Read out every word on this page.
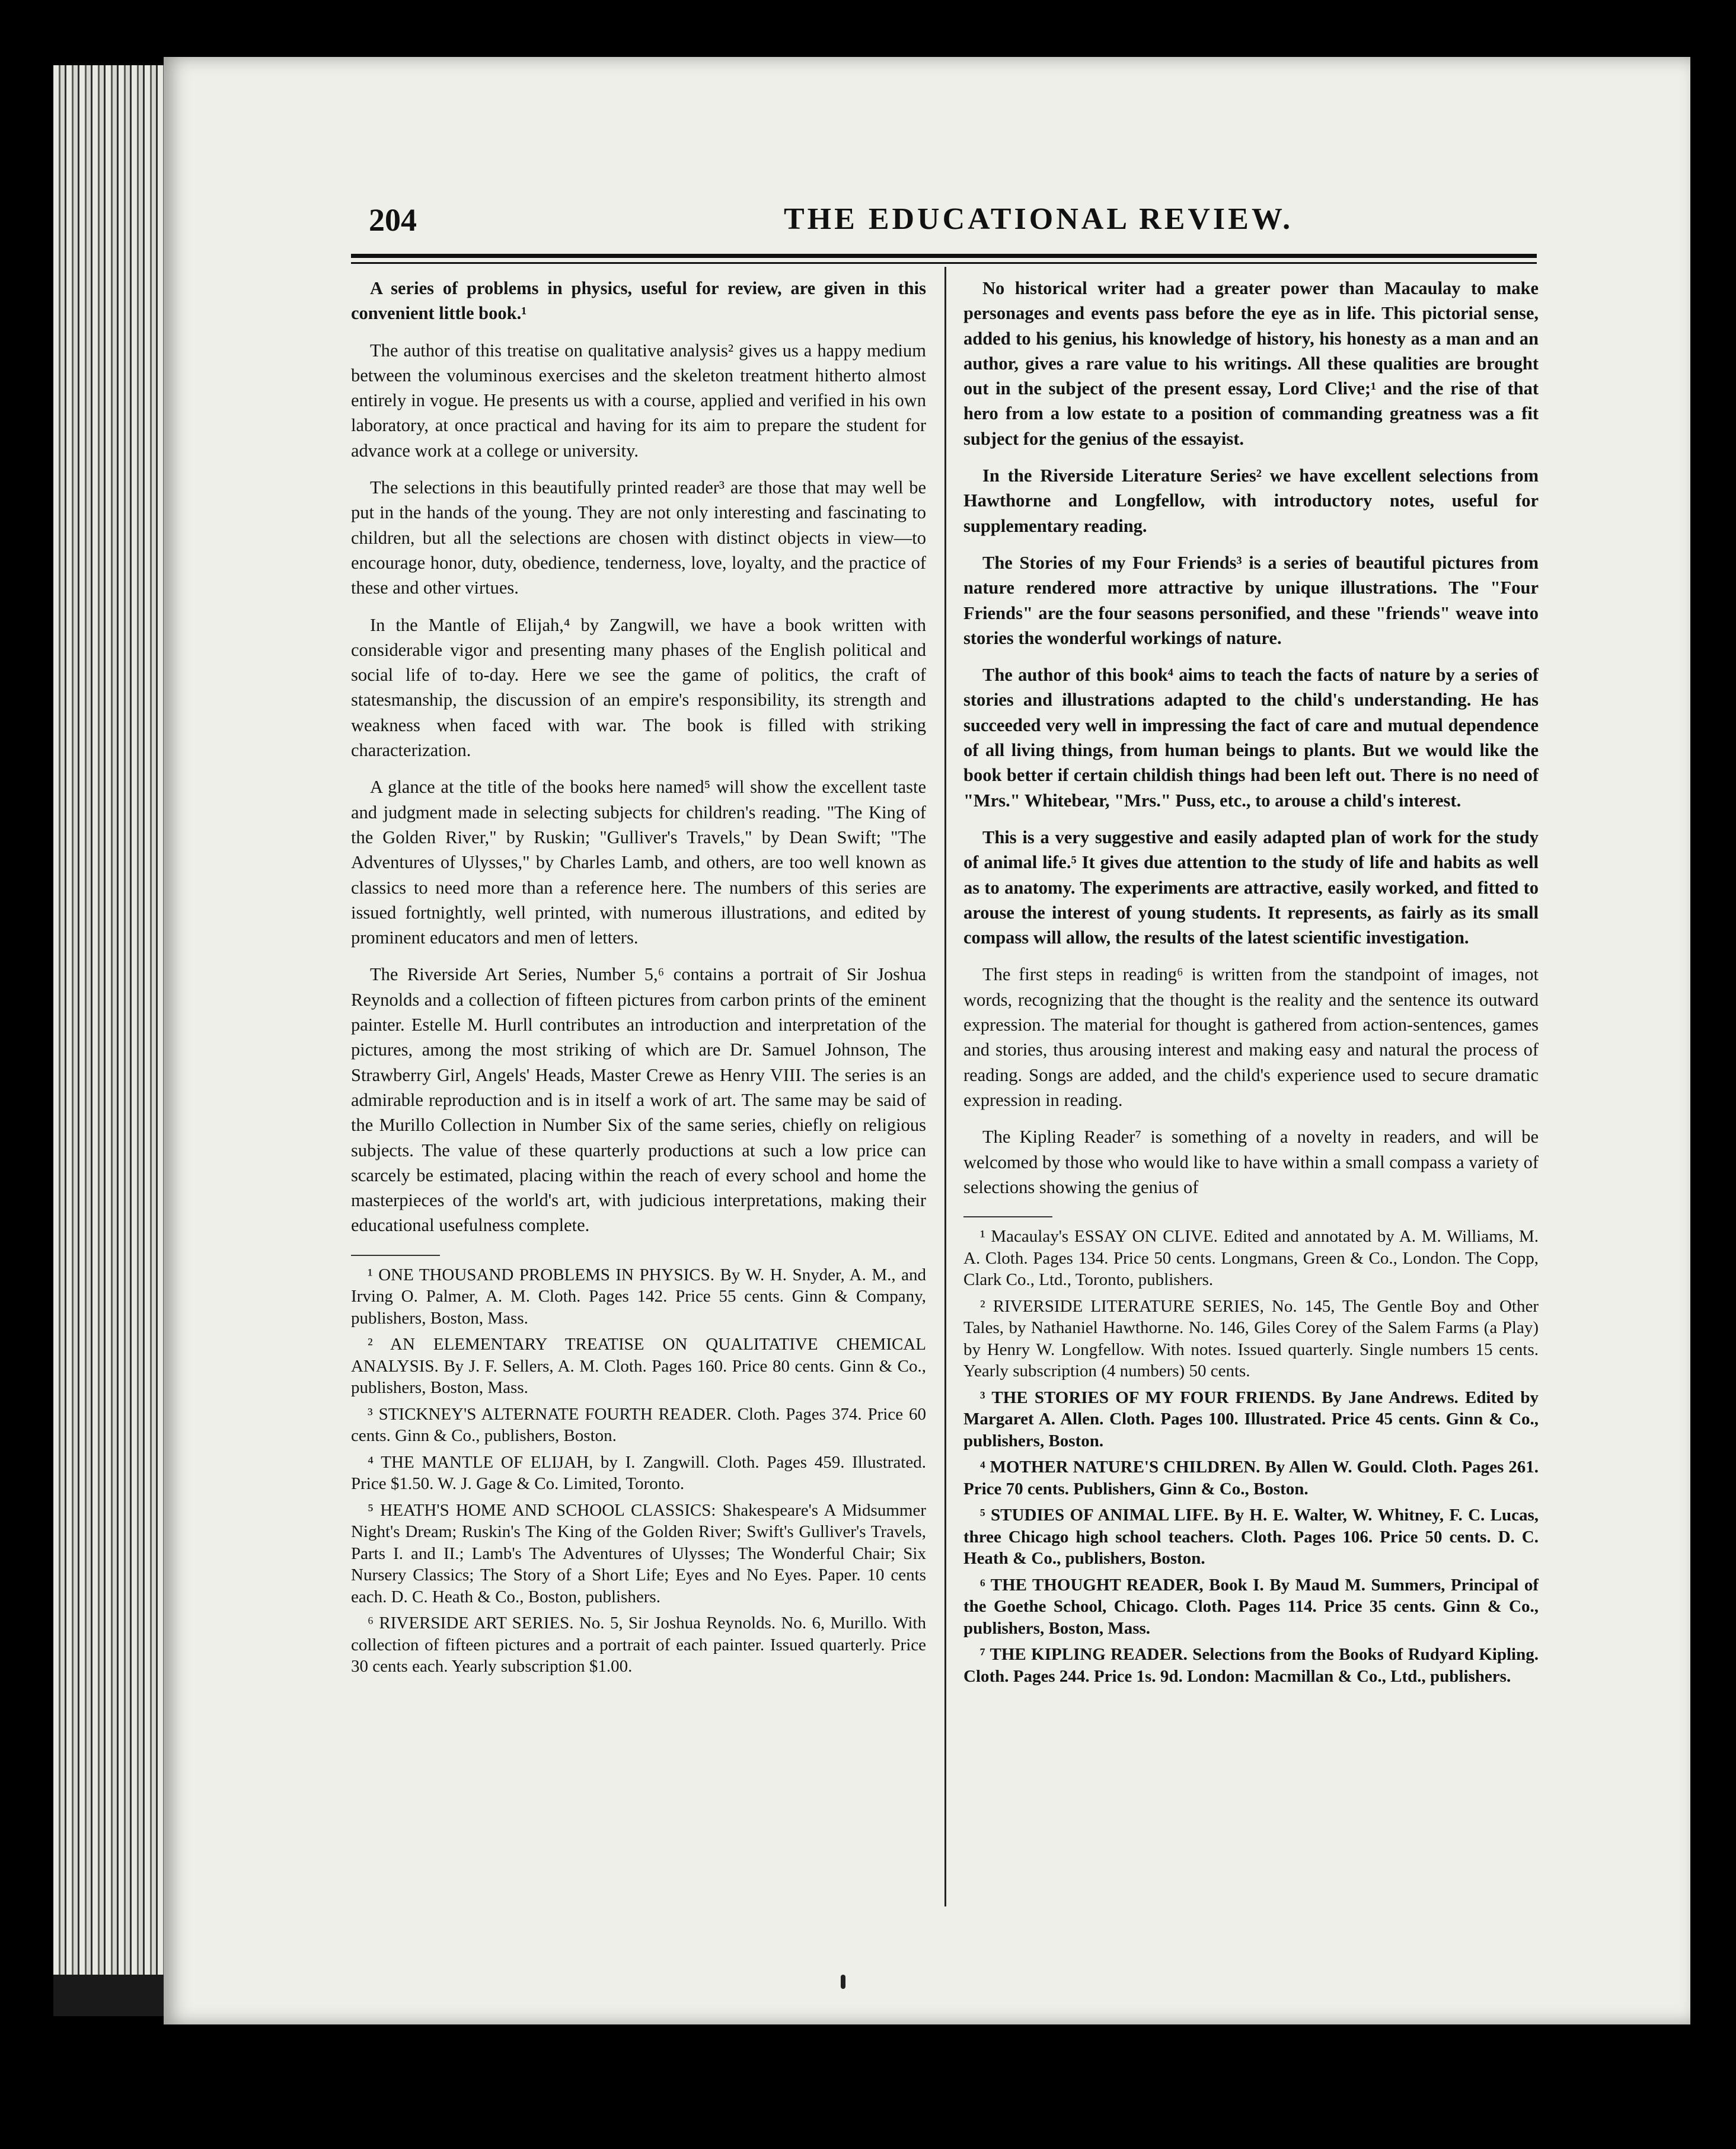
204	THE EDUCATIONAL REVIEW.

A series of problems in physics, useful for review, are given in this convenient little book.¹

The author of this treatise on qualitative analysis² gives us a happy medium between the voluminous exercises and the skeleton treatment hitherto almost entirely in vogue. He presents us with a course, applied and verified in his own laboratory, at once practical and having for its aim to prepare the student for advance work at a college or university.

The selections in this beautifully printed reader³ are those that may well be put in the hands of the young. They are not only interesting and fascinating to children, but all the selections are chosen with distinct objects in view—to encourage honor, duty, obedience, tenderness, love, loyalty, and the practice of these and other virtues.

In the Mantle of Elijah,⁴ by Zangwill, we have a book written with considerable vigor and presenting many phases of the English political and social life of to-day. Here we see the game of politics, the craft of statesmanship, the discussion of an empire's responsibility, its strength and weakness when faced with war. The book is filled with striking characterization.

A glance at the title of the books here named⁵ will show the excellent taste and judgment made in selecting subjects for children's reading. "The King of the Golden River," by Ruskin; "Gulliver's Travels," by Dean Swift; "The Adventures of Ulysses," by Charles Lamb, and others, are too well known as classics to need more than a reference here. The numbers of this series are issued fortnightly, well printed, with numerous illustrations, and edited by prominent educators and men of letters.

The Riverside Art Series, Number 5,⁶ contains a portrait of Sir Joshua Reynolds and a collection of fifteen pictures from carbon prints of the eminent painter. Estelle M. Hurll contributes an introduction and interpretation of the pictures, among the most striking of which are Dr. Samuel Johnson, The Strawberry Girl, Angels' Heads, Master Crewe as Henry VIII. The series is an admirable reproduction and is in itself a work of art. The same may be said of the Murillo Collection in Number Six of the same series, chiefly on religious subjects. The value of these quarterly productions at such a low price can scarcely be estimated, placing within the reach of every school and home the masterpieces of the world's art, with judicious interpretations, making their educational usefulness complete.

¹ ONE THOUSAND PROBLEMS IN PHYSICS. By W. H. Snyder, A. M., and Irving O. Palmer, A. M. Cloth. Pages 142. Price 55 cents. Ginn & Company, publishers, Boston, Mass.

² AN ELEMENTARY TREATISE ON QUALITATIVE CHEMICAL ANALYSIS. By J. F. Sellers, A. M. Cloth. Pages 160. Price 80 cents. Ginn & Co., publishers, Boston, Mass.

³ STICKNEY'S ALTERNATE FOURTH READER. Cloth. Pages 374. Price 60 cents. Ginn & Co., publishers, Boston.

⁴ THE MANTLE OF ELIJAH, by I. Zangwill. Cloth. Pages 459. Illustrated. Price $1.50. W. J. Gage & Co. Limited, Toronto.

⁵ HEATH'S HOME AND SCHOOL CLASSICS: Shakespeare's A Midsummer Night's Dream; Ruskin's The King of the Golden River; Swift's Gulliver's Travels, Parts I. and II.; Lamb's The Adventures of Ulysses; The Wonderful Chair; Six Nursery Classics; The Story of a Short Life; Eyes and No Eyes. Paper. 10 cents each. D. C. Heath & Co., Boston, publishers.

⁶ RIVERSIDE ART SERIES. No. 5, Sir Joshua Reynolds. No. 6, Murillo. With collection of fifteen pictures and a portrait of each painter. Issued quarterly. Price 30 cents each. Yearly subscription $1.00.

No historical writer had a greater power than Macaulay to make personages and events pass before the eye as in life. This pictorial sense, added to his genius, his knowledge of history, his honesty as a man and an author, gives a rare value to his writings. All these qualities are brought out in the subject of the present essay, Lord Clive;¹ and the rise of that hero from a low estate to a position of commanding greatness was a fit subject for the genius of the essayist.

In the Riverside Literature Series² we have excellent selections from Hawthorne and Longfellow, with introductory notes, useful for supplementary reading.

The Stories of my Four Friends³ is a series of beautiful pictures from nature rendered more attractive by unique illustrations. The "Four Friends" are the four seasons personified, and these "friends" weave into stories the wonderful workings of nature.

The author of this book⁴ aims to teach the facts of nature by a series of stories and illustrations adapted to the child's understanding. He has succeeded very well in impressing the fact of care and mutual dependence of all living things, from human beings to plants. But we would like the book better if certain childish things had been left out. There is no need of "Mrs." Whitebear, "Mrs." Puss, etc., to arouse a child's interest.

This is a very suggestive and easily adapted plan of work for the study of animal life.⁵ It gives due attention to the study of life and habits as well as to anatomy. The experiments are attractive, easily worked, and fitted to arouse the interest of young students. It represents, as fairly as its small compass will allow, the results of the latest scientific investigation.

The first steps in reading⁶ is written from the standpoint of images, not words, recognizing that the thought is the reality and the sentence its outward expression. The material for thought is gathered from action-sentences, games and stories, thus arousing interest and making easy and natural the process of reading. Songs are added, and the child's experience used to secure dramatic expression in reading.

The Kipling Reader⁷ is something of a novelty in readers, and will be welcomed by those who would like to have within a small compass a variety of selections showing the genius of

¹ Macaulay's ESSAY ON CLIVE. Edited and annotated by A. M. Williams, M. A. Cloth. Pages 134. Price 50 cents. Longmans, Green & Co., London. The Copp, Clark Co., Ltd., Toronto, publishers.

² RIVERSIDE LITERATURE SERIES, No. 145, The Gentle Boy and Other Tales, by Nathaniel Hawthorne. No. 146, Giles Corey of the Salem Farms (a Play) by Henry W. Longfellow. With notes. Issued quarterly. Single numbers 15 cents. Yearly subscription (4 numbers) 50 cents.

³ THE STORIES OF MY FOUR FRIENDS. By Jane Andrews. Edited by Margaret A. Allen. Cloth. Pages 100. Illustrated. Price 45 cents. Ginn & Co., publishers, Boston.

⁴ MOTHER NATURE'S CHILDREN. By Allen W. Gould. Cloth. Pages 261. Price 70 cents. Publishers, Ginn & Co., Boston.

⁵ STUDIES OF ANIMAL LIFE. By H. E. Walter, W. Whitney, F. C. Lucas, three Chicago high school teachers. Cloth. Pages 106. Price 50 cents. D. C. Heath & Co., publishers, Boston.

⁶ THE THOUGHT READER, Book I. By Maud M. Summers, Principal of the Goethe School, Chicago. Cloth. Pages 114. Price 35 cents. Ginn & Co., publishers, Boston, Mass.

⁷ THE KIPLING READER. Selections from the Books of Rudyard Kipling. Cloth. Pages 244. Price 1s. 9d. London: Macmillan & Co., Ltd., publishers.
